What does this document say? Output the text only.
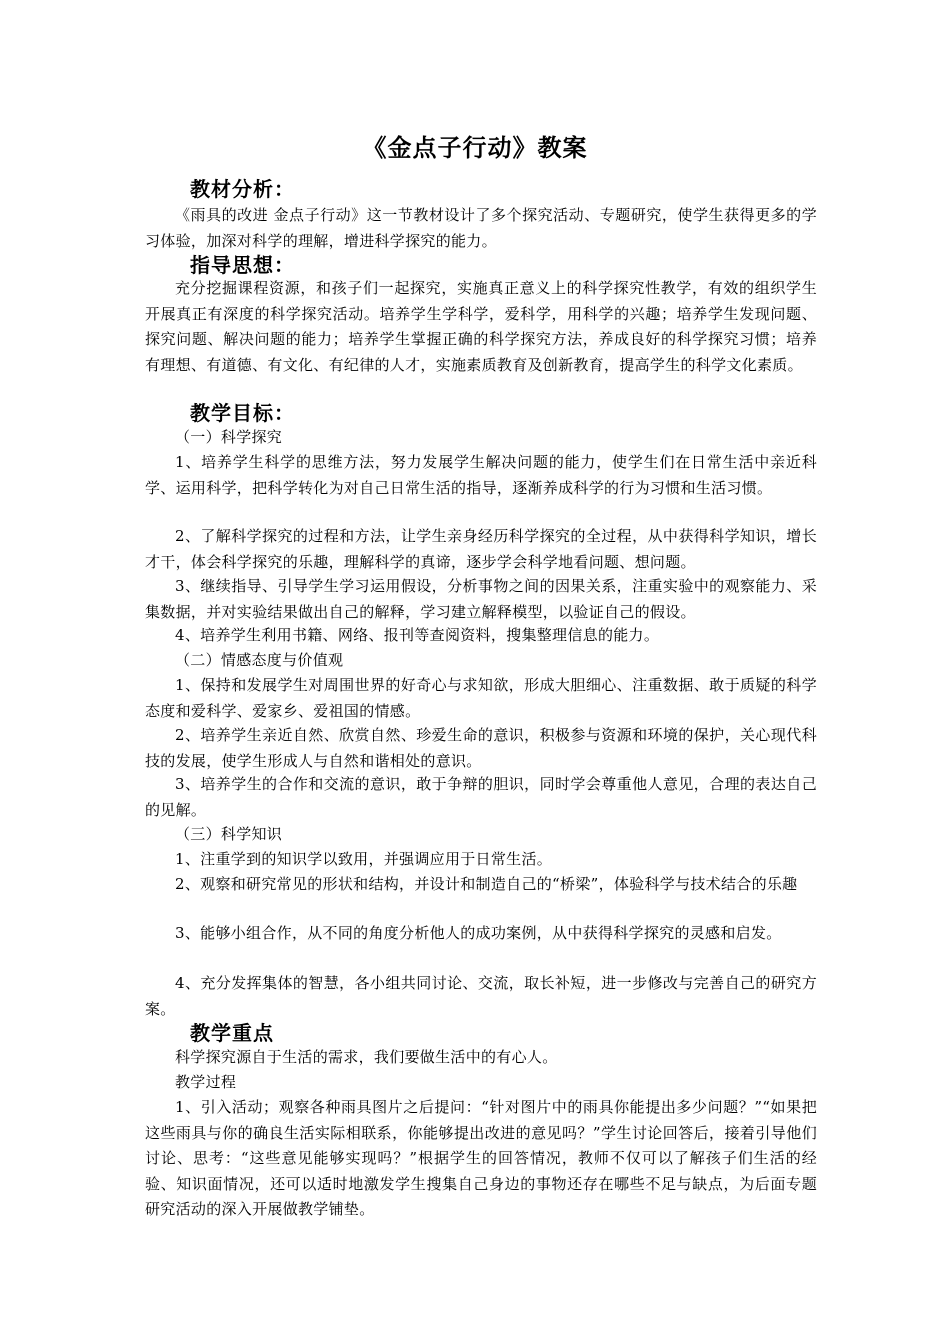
《金点子行动》教案
教材分析：

《雨具的改进 金点子行动》这一节教材设计了多个探究活动、专题研究，使学生获得更多的学习体验，加深对科学的理解，增进科学探究的能力。

指导思想：

充分挖掘课程资源，和孩子们一起探究，实施真正意义上的科学探究性教学，有效的组织学生开展真正有深度的科学探究活动。培养学生学科学，爱科学，用科学的兴趣；培养学生发现问题、探究问题、解决问题的能力；培养学生掌握正确的科学探究方法，养成良好的科学探究习惯；培养有理想、有道德、有文化、有纪律的人才，实施素质教育及创新教育，提高学生的科学文化素质。

教学目标：
（一）科学探究

1、培养学生科学的思维方法，努力发展学生解决问题的能力，使学生们在日常生活中亲近科学、运用科学，把科学转化为对自己日常生活的指导，逐渐养成科学的行为习惯和生活习惯。

2、了解科学探究的过程和方法，让学生亲身经历科学探究的全过程，从中获得科学知识，增长才干，体会科学探究的乐趣，理解科学的真谛，逐步学会科学地看问题、想问题。

3、继续指导、引导学生学习运用假设，分析事物之间的因果关系，注重实验中的观察能力、采集数据，并对实验结果做出自己的解释，学习建立解释模型，以验证自己的假设。

4、培养学生利用书籍、网络、报刊等查阅资料，搜集整理信息的能力。

（二）情感态度与价值观

1、保持和发展学生对周围世界的好奇心与求知欲，形成大胆细心、注重数据、敢于质疑的科学态度和爱科学、爱家乡、爱祖国的情感。

2、培养学生亲近自然、欣赏自然、珍爱生命的意识，积极参与资源和环境的保护，关心现代科技的发展，使学生形成人与自然和谐相处的意识。

3、培养学生的合作和交流的意识，敢于争辩的胆识，同时学会尊重他人意见，合理的表达自己的见解。

（三）科学知识

1、注重学到的知识学以致用，并强调应用于日常生活。

2、观察和研究常见的形状和结构，并设计和制造自己的“桥梁”，体验科学与技术结合的乐趣

3、能够小组合作，从不同的角度分析他人的成功案例，从中获得科学探究的灵感和启发。

4、充分发挥集体的智慧，各小组共同讨论、交流，取长补短，进一步修改与完善自己的研究方案。

教学重点

科学探究源自于生活的需求，我们要做生活中的有心人。

教学过程

1、引入活动；观察各种雨具图片之后提问：“针对图片中的雨具你能提出多少问题？”“如果把这些雨具与你的确良生活实际相联系，你能够提出改进的意见吗？”学生讨论回答后，接着引导他们讨论、思考：“这些意见能够实现吗？”根据学生的回答情况，教师不仅可以了解孩子们生活的经验、知识面情况，还可以适时地激发学生搜集自己身边的事物还存在哪些不足与缺点，为后面专题研究活动的深入开展做教学铺垫。
